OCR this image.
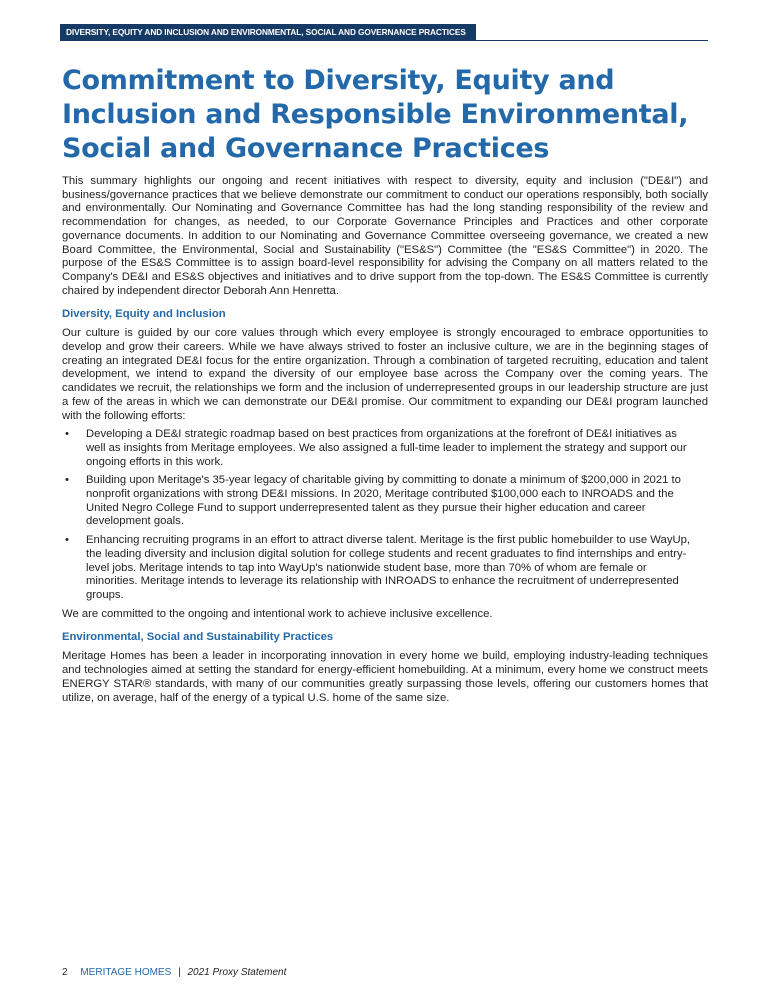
DIVERSITY, EQUITY AND INCLUSION AND ENVIRONMENTAL, SOCIAL AND GOVERNANCE PRACTICES
Commitment to Diversity, Equity and Inclusion and Responsible Environmental, Social and Governance Practices

This summary highlights our ongoing and recent initiatives with respect to diversity, equity and inclusion ("DE&I") and business/governance practices that we believe demonstrate our commitment to conduct our operations responsibly, both socially and environmentally. Our Nominating and Governance Committee has had the long standing responsibility of the review and recommendation for changes, as needed, to our Corporate Governance Principles and Practices and other corporate governance documents. In addition to our Nominating and Governance Committee overseeing governance, we created a new Board Committee, the Environmental, Social and Sustainability ("ES&S") Committee (the "ES&S Committee") in 2020. The purpose of the ES&S Committee is to assign board-level responsibility for advising the Company on all matters related to the Company's DE&I and ES&S objectives and initiatives and to drive support from the top-down. The ES&S Committee is currently chaired by independent director Deborah Ann Henretta.

Diversity, Equity and Inclusion

Our culture is guided by our core values through which every employee is strongly encouraged to embrace opportunities to develop and grow their careers. While we have always strived to foster an inclusive culture, we are in the beginning stages of creating an integrated DE&I focus for the entire organization. Through a combination of targeted recruiting, education and talent development, we intend to expand the diversity of our employee base across the Company over the coming years. The candidates we recruit, the relationships we form and the inclusion of underrepresented groups in our leadership structure are just a few of the areas in which we can demonstrate our DE&I promise. Our commitment to expanding our DE&I program launched with the following efforts:

• Developing a DE&I strategic roadmap based on best practices from organizations at the forefront of DE&I initiatives as well as insights from Meritage employees. We also assigned a full-time leader to implement the strategy and support our ongoing efforts in this work.
• Building upon Meritage's 35-year legacy of charitable giving by committing to donate a minimum of $200,000 in 2021 to nonprofit organizations with strong DE&I missions. In 2020, Meritage contributed $100,000 each to INROADS and the United Negro College Fund to support underrepresented talent as they pursue their higher education and career development goals.
• Enhancing recruiting programs in an effort to attract diverse talent. Meritage is the first public homebuilder to use WayUp, the leading diversity and inclusion digital solution for college students and recent graduates to find internships and entry-level jobs. Meritage intends to tap into WayUp's nationwide student base, more than 70% of whom are female or minorities. Meritage intends to leverage its relationship with INROADS to enhance the recruitment of underrepresented groups.

We are committed to the ongoing and intentional work to achieve inclusive excellence.

Environmental, Social and Sustainability Practices

Meritage Homes has been a leader in incorporating innovation in every home we build, employing industry-leading techniques and technologies aimed at setting the standard for energy-efficient homebuilding. At a minimum, every home we construct meets ENERGY STAR® standards, with many of our communities greatly surpassing those levels, offering our customers homes that utilize, on average, half of the energy of a typical U.S. home of the same size.

2 MERITAGE HOMES | 2021 Proxy Statement
